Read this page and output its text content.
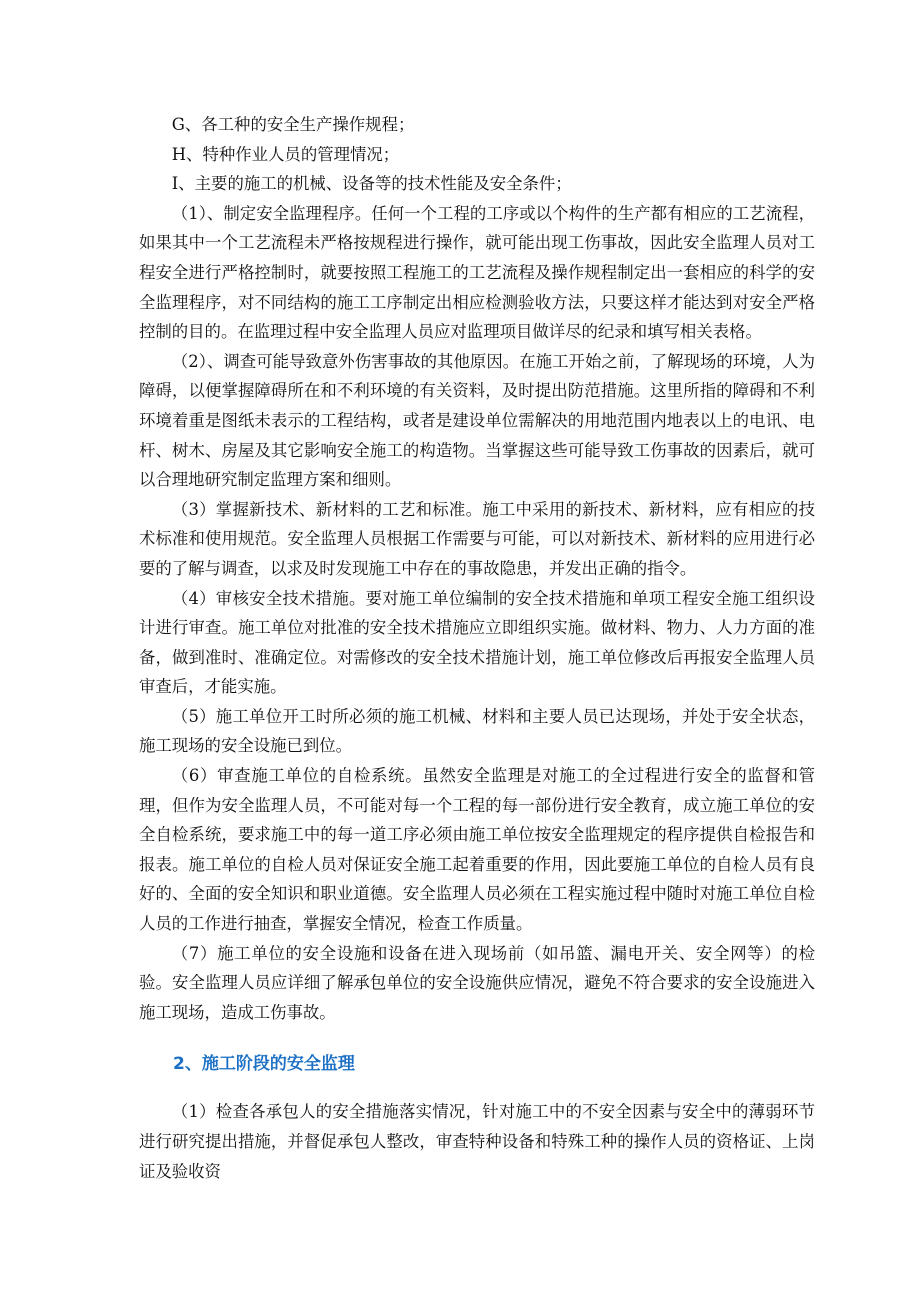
G、各工种的安全生产操作规程；

H、特种作业人员的管理情况；

I、主要的施工的机械、设备等的技术性能及安全条件；

（1）、制定安全监理程序。任何一个工程的工序或以个构件的生产都有相应的工艺流程，如果其中一个工艺流程未严格按规程进行操作，就可能出现工伤事故，因此安全监理人员对工程安全进行严格控制时，就要按照工程施工的工艺流程及操作规程制定出一套相应的科学的安全监理程序，对不同结构的施工工序制定出相应检测验收方法，只要这样才能达到对安全严格控制的目的。在监理过程中安全监理人员应对监理项目做详尽的纪录和填写相关表格。

（2）、调查可能导致意外伤害事故的其他原因。在施工开始之前，了解现场的环境，人为障碍，以便掌握障碍所在和不利环境的有关资料，及时提出防范措施。这里所指的障碍和不利环境着重是图纸未表示的工程结构，或者是建设单位需解决的用地范围内地表以上的电讯、电杆、树木、房屋及其它影响安全施工的构造物。当掌握这些可能导致工伤事故的因素后，就可以合理地研究制定监理方案和细则。

（3）掌握新技术、新材料的工艺和标准。施工中采用的新技术、新材料，应有相应的技术标准和使用规范。安全监理人员根据工作需要与可能，可以对新技术、新材料的应用进行必要的了解与调查，以求及时发现施工中存在的事故隐患，并发出正确的指令。

（4）审核安全技术措施。要对施工单位编制的安全技术措施和单项工程安全施工组织设计进行审查。施工单位对批准的安全技术措施应立即组织实施。做材料、物力、人力方面的准备，做到准时、准确定位。对需修改的安全技术措施计划，施工单位修改后再报安全监理人员审查后，才能实施。

（5）施工单位开工时所必须的施工机械、材料和主要人员已达现场，并处于安全状态，施工现场的安全设施已到位。

（6）审查施工单位的自检系统。虽然安全监理是对施工的全过程进行安全的监督和管理，但作为安全监理人员，不可能对每一个工程的每一部份进行安全教育，成立施工单位的安全自检系统，要求施工中的每一道工序必须由施工单位按安全监理规定的程序提供自检报告和报表。施工单位的自检人员对保证安全施工起着重要的作用，因此要施工单位的自检人员有良好的、全面的安全知识和职业道德。安全监理人员必须在工程实施过程中随时对施工单位自检人员的工作进行抽查，掌握安全情况，检查工作质量。

（7）施工单位的安全设施和设备在进入现场前（如吊篮、漏电开关、安全网等）的检验。安全监理人员应详细了解承包单位的安全设施供应情况，避免不符合要求的安全设施进入施工现场，造成工伤事故。

2、施工阶段的安全监理

（1）检查各承包人的安全措施落实情况，针对施工中的不安全因素与安全中的薄弱环节进行研究提出措施，并督促承包人整改，审查特种设备和特殊工种的操作人员的资格证、上岗证及验收资
